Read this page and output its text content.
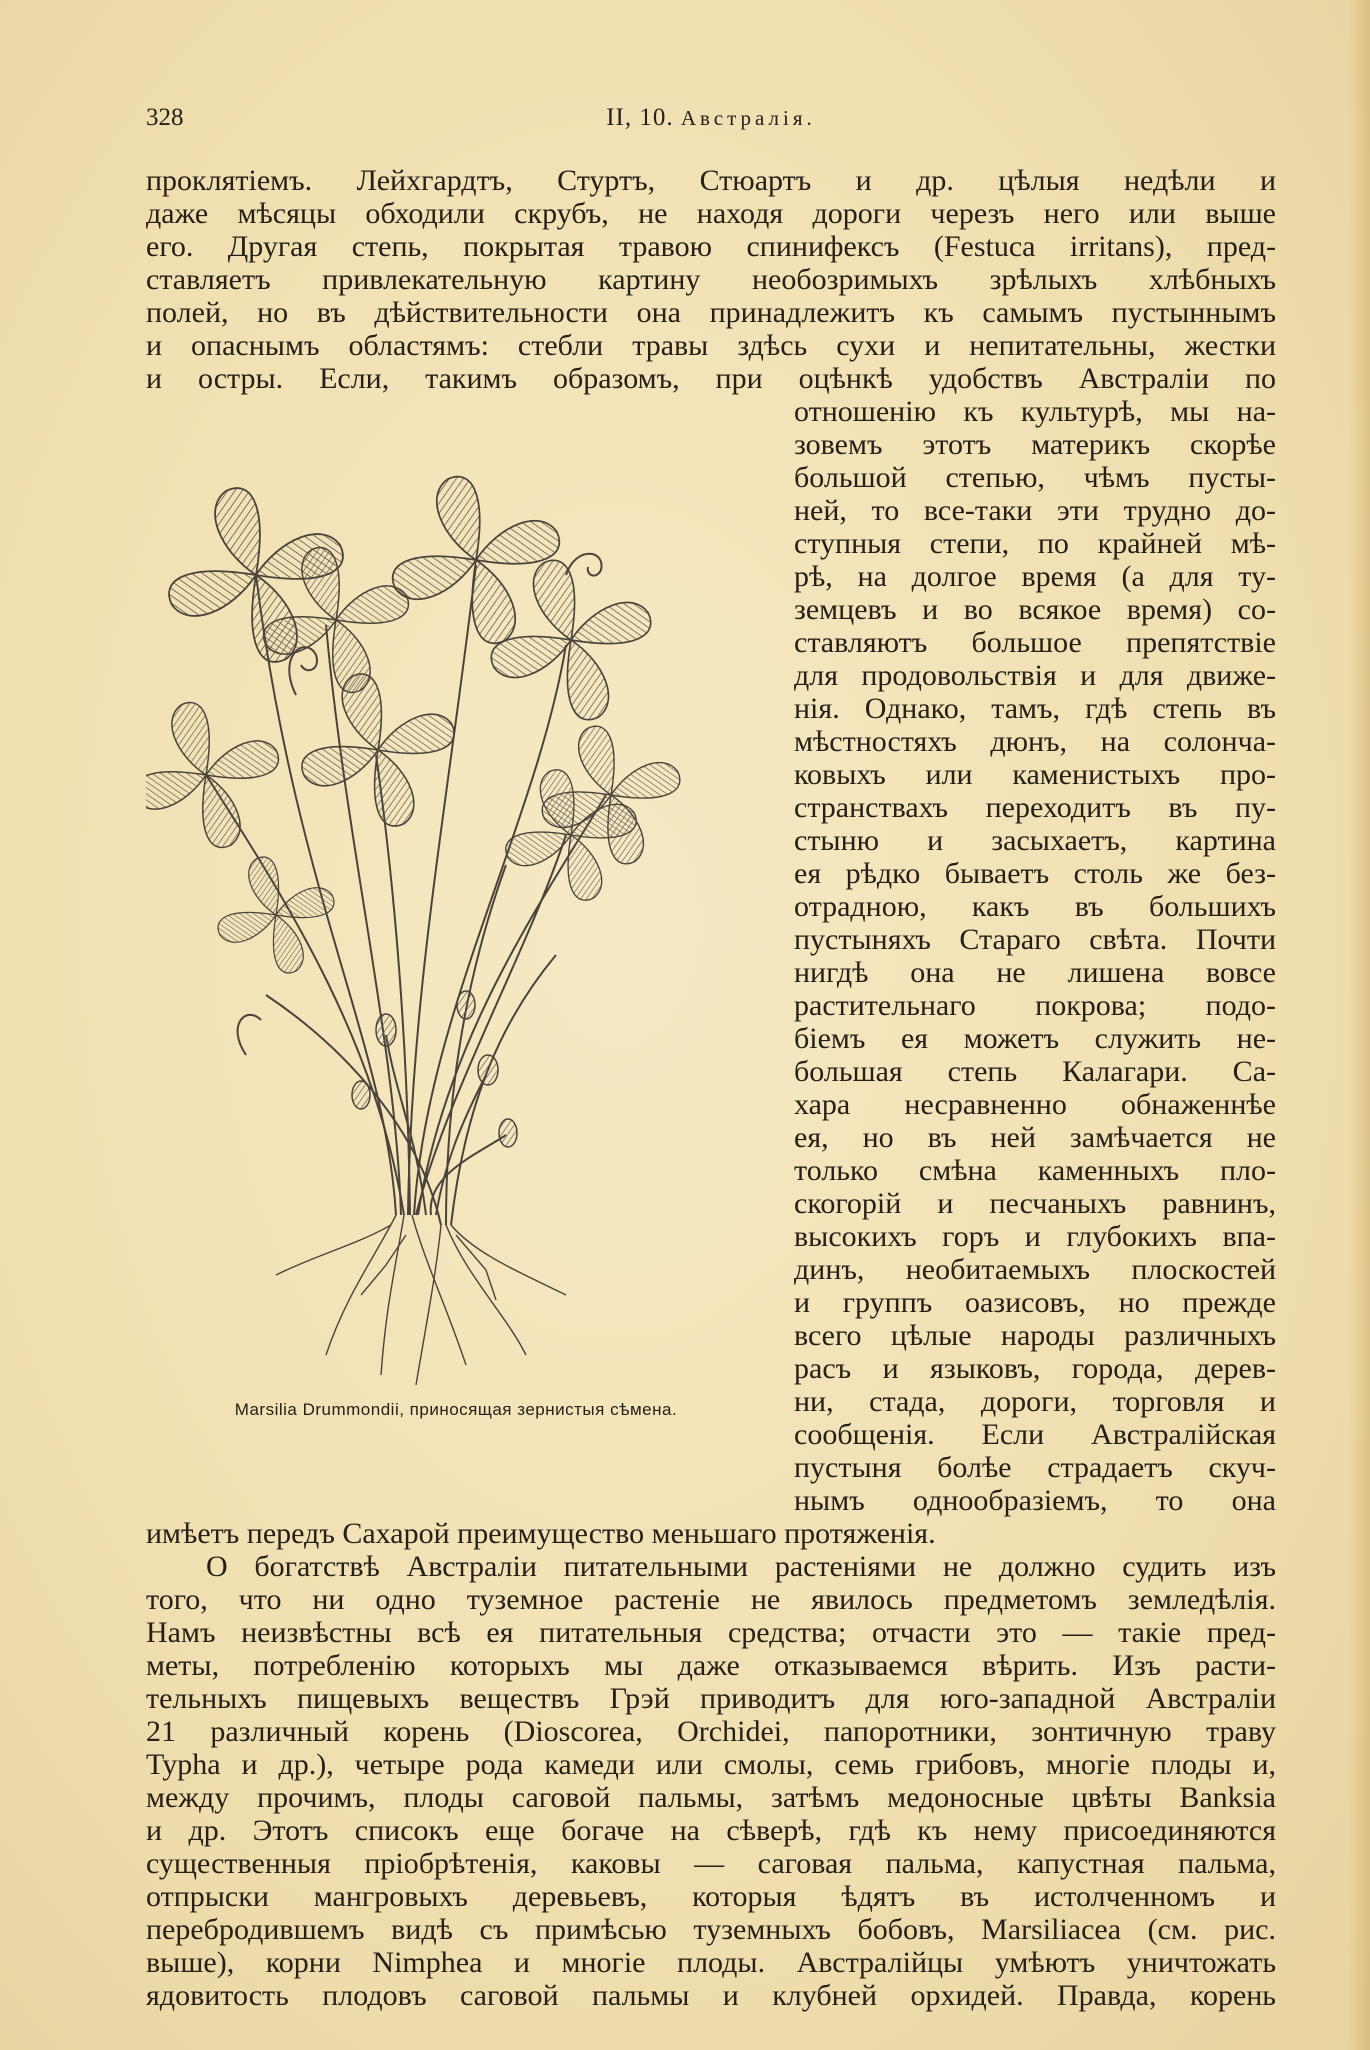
328	II, 10. Австралія.
проклятіемъ. Лейхгардтъ, Стуртъ, Стюартъ и др. цѣлыя недѣли и
даже мѣсяцы обходили скрубъ, не находя дороги черезъ него или выше
его. Другая степь, покрытая травою спинифексъ (Festuca irritans), пред-
ставляетъ привлекательную картину необозримыхъ зрѣлыхъ хлѣбныхъ
полей, но въ дѣйствительности она принадлежитъ къ самымъ пустыннымъ
и опаснымъ областямъ: стебли травы здѣсь сухи и непитательны, жестки
и остры. Если, такимъ образомъ, при оцѣнкѣ удобствъ Австраліи по
отношенію къ культурѣ, мы на-
зовемъ этотъ материкъ скорѣе
большой степью, чѣмъ пусты-
ней, то все-таки эти трудно до-
ступныя степи, по крайней мѣ-
рѣ, на долгое время (а для ту-
земцевъ и во всякое время) со-
ставляютъ большое препятствіе
для продовольствія и для движе-
нія. Однако, тамъ, гдѣ степь въ
мѣстностяхъ дюнъ, на солонча-
ковыхъ или каменистыхъ про-
странствахъ переходитъ въ пу-
стыню и засыхаетъ, картина
ея рѣдко бываетъ столь же без-
отрадною, какъ въ большихъ
пустыняхъ Стараго свѣта. Почти
нигдѣ она не лишена вовсе
растительнаго покрова; подо-
біемъ ея можетъ служить не-
большая степь Калагари. Са-
хара несравненно обнаженнѣе
ея, но въ ней замѣчается не
только смѣна каменныхъ пло-
скогорій и песчаныхъ равнинъ,
высокихъ горъ и глубокихъ впа-
динъ, необитаемыхъ плоскостей
и группъ оазисовъ, но прежде
всего цѣлые народы различныхъ
расъ и языковъ, города, дерев-
ни, стада, дороги, торговля и
сообщенія. Если Австралійская
пустыня болѣе страдаетъ скуч-
нымъ однообразіемъ, то она
имѣетъ передъ Сахарой преимущество меньшаго протяженія.
О богатствѣ Австраліи питательными растеніями не должно судить изъ
того, что ни одно туземное растеніе не явилось предметомъ земледѣлія.
Намъ неизвѣстны всѣ ея питательныя средства; отчасти это — такіе пред-
меты, потребленію которыхъ мы даже отказываемся вѣрить. Изъ расти-
тельныхъ пищевыхъ веществъ Грэй приводитъ для юго-западной Австраліи
21 различный корень (Dioscorea, Orchidei, папоротники, зонтичную траву
Typha и др.), четыре рода камеди или смолы, семь грибовъ, многіе плоды и,
между прочимъ, плоды саговой пальмы, затѣмъ медоносные цвѣты Banksia
и др. Этотъ списокъ еще богаче на сѣверѣ, гдѣ къ нему присоединяются
существенныя пріобрѣтенія, каковы — саговая пальма, капустная пальма,
отпрыски мангровыхъ деревьевъ, которыя ѣдятъ въ истолченномъ и
перебродившемъ видѣ съ примѣсью туземныхъ бобовъ, Marsiliacea (см. рис.
выше), корни Nimphea и многіе плоды. Австралійцы умѣютъ уничтожать
ядовитость плодовъ саговой пальмы и клубней орхидей. Правда, корень
Marsilia Drummondii, приносящая зернистыя сѣмена.
